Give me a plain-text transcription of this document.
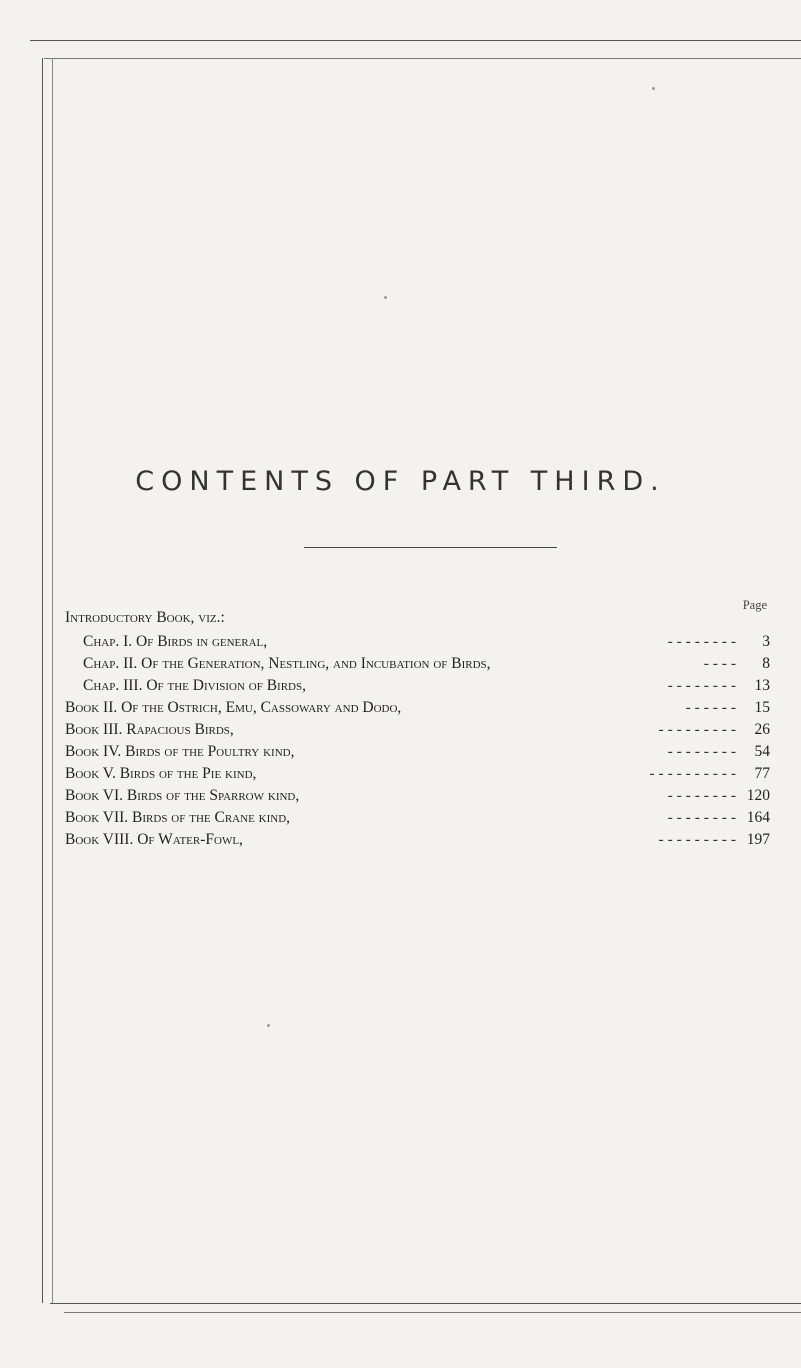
CONTENTS OF PART THIRD.
Page
Introductory Book, viz.:
Chap. I. Of Birds in general,	- - - - - - - -	3
Chap. II. Of the Generation, Nestling, and Incubation of Birds,	- - - -	8
Chap. III. Of the Division of Birds,	- - - - - - - -	13
Book II. Of the Ostrich, Emu, Cassowary and Dodo,	- - - - - -	15
Book III. Rapacious Birds,	- - - - - - - - -	26
Book IV. Birds of the Poultry kind,	- - - - - - - -	54
Book V. Birds of the Pie kind,	- - - - - - - - - -	77
Book VI. Birds of the Sparrow kind,	- - - - - - - - 120
Book VII. Birds of the Crane kind,	- - - - - - - - 164
Book VIII. Of Water-Fowl,	- - - - - - - - - 197
